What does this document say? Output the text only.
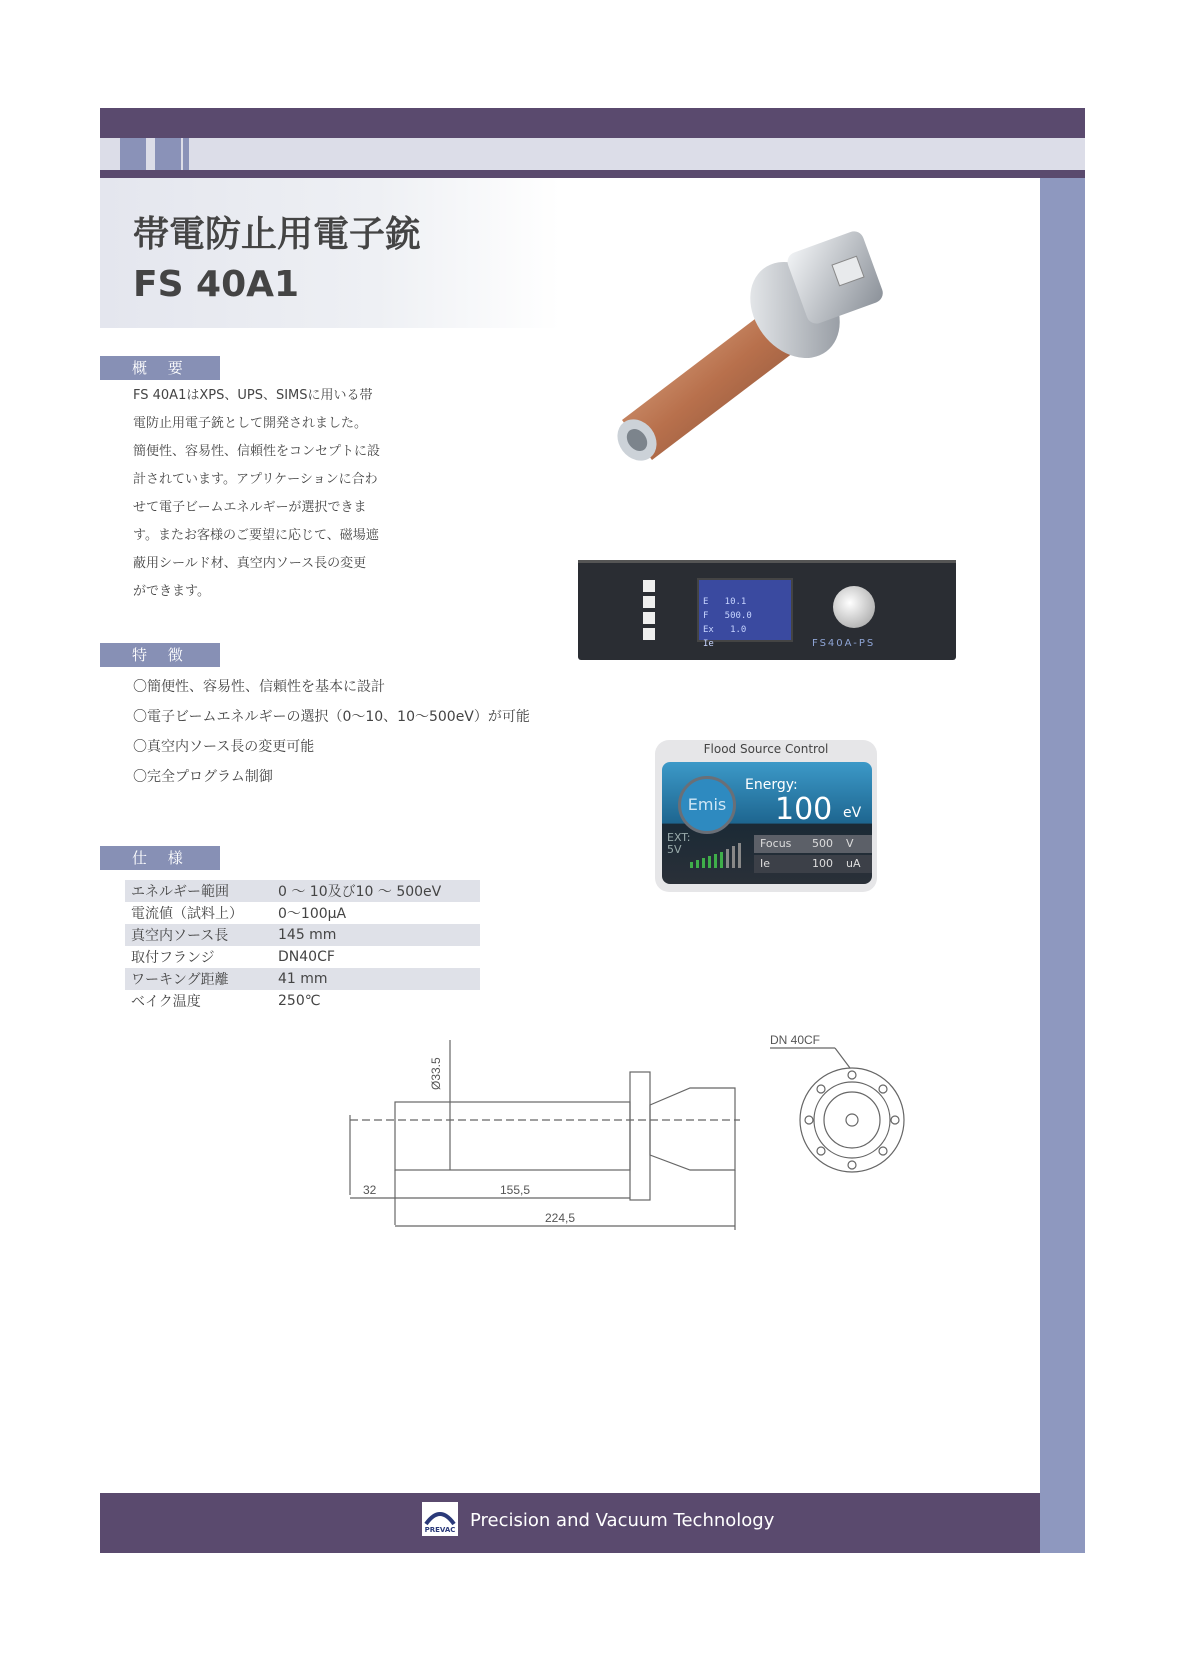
帯電防止用電子銃
FS 40A1
概 要

FS 40A1はXPS、UPS、SIMSに用いる帯
電防止用電子銃として開発されました。
簡便性、容易性、信頼性をコンセプトに設
計されています。アプリケーションに合わ
せて電子ビームエネルギーが選択できま
す。またお客様のご要望に応じて、磁場遮
蔽用シールド材、真空内ソース長の変更
ができます。

特 徴
〇簡便性、容易性、信頼性を基本に設計
〇電子ビームエネルギーの選択（0～10、10～500eV）が可能
〇真空内ソース長の変更可能
〇完全プログラム制御
仕 様
エネルギー範囲	0 ～ 10及び10 ～ 500eV
電流値（試料上）	0～100μA
真空内ソース長	145 mm
取付フランジ	DN40CF
ワーキング距離	41 mm
ベイク温度	250℃

E   10.1
F   500.0
Ex   1.0
Ie	FS40A-PS
Flood Source Control
Emis
Energy:
100 eV
EXT:
5V	Focus 500 V
Ie	100 uA
32	155,5
224,5
Ø33.5
DN 40CF
PREVAC Precision and Vacuum Technology
